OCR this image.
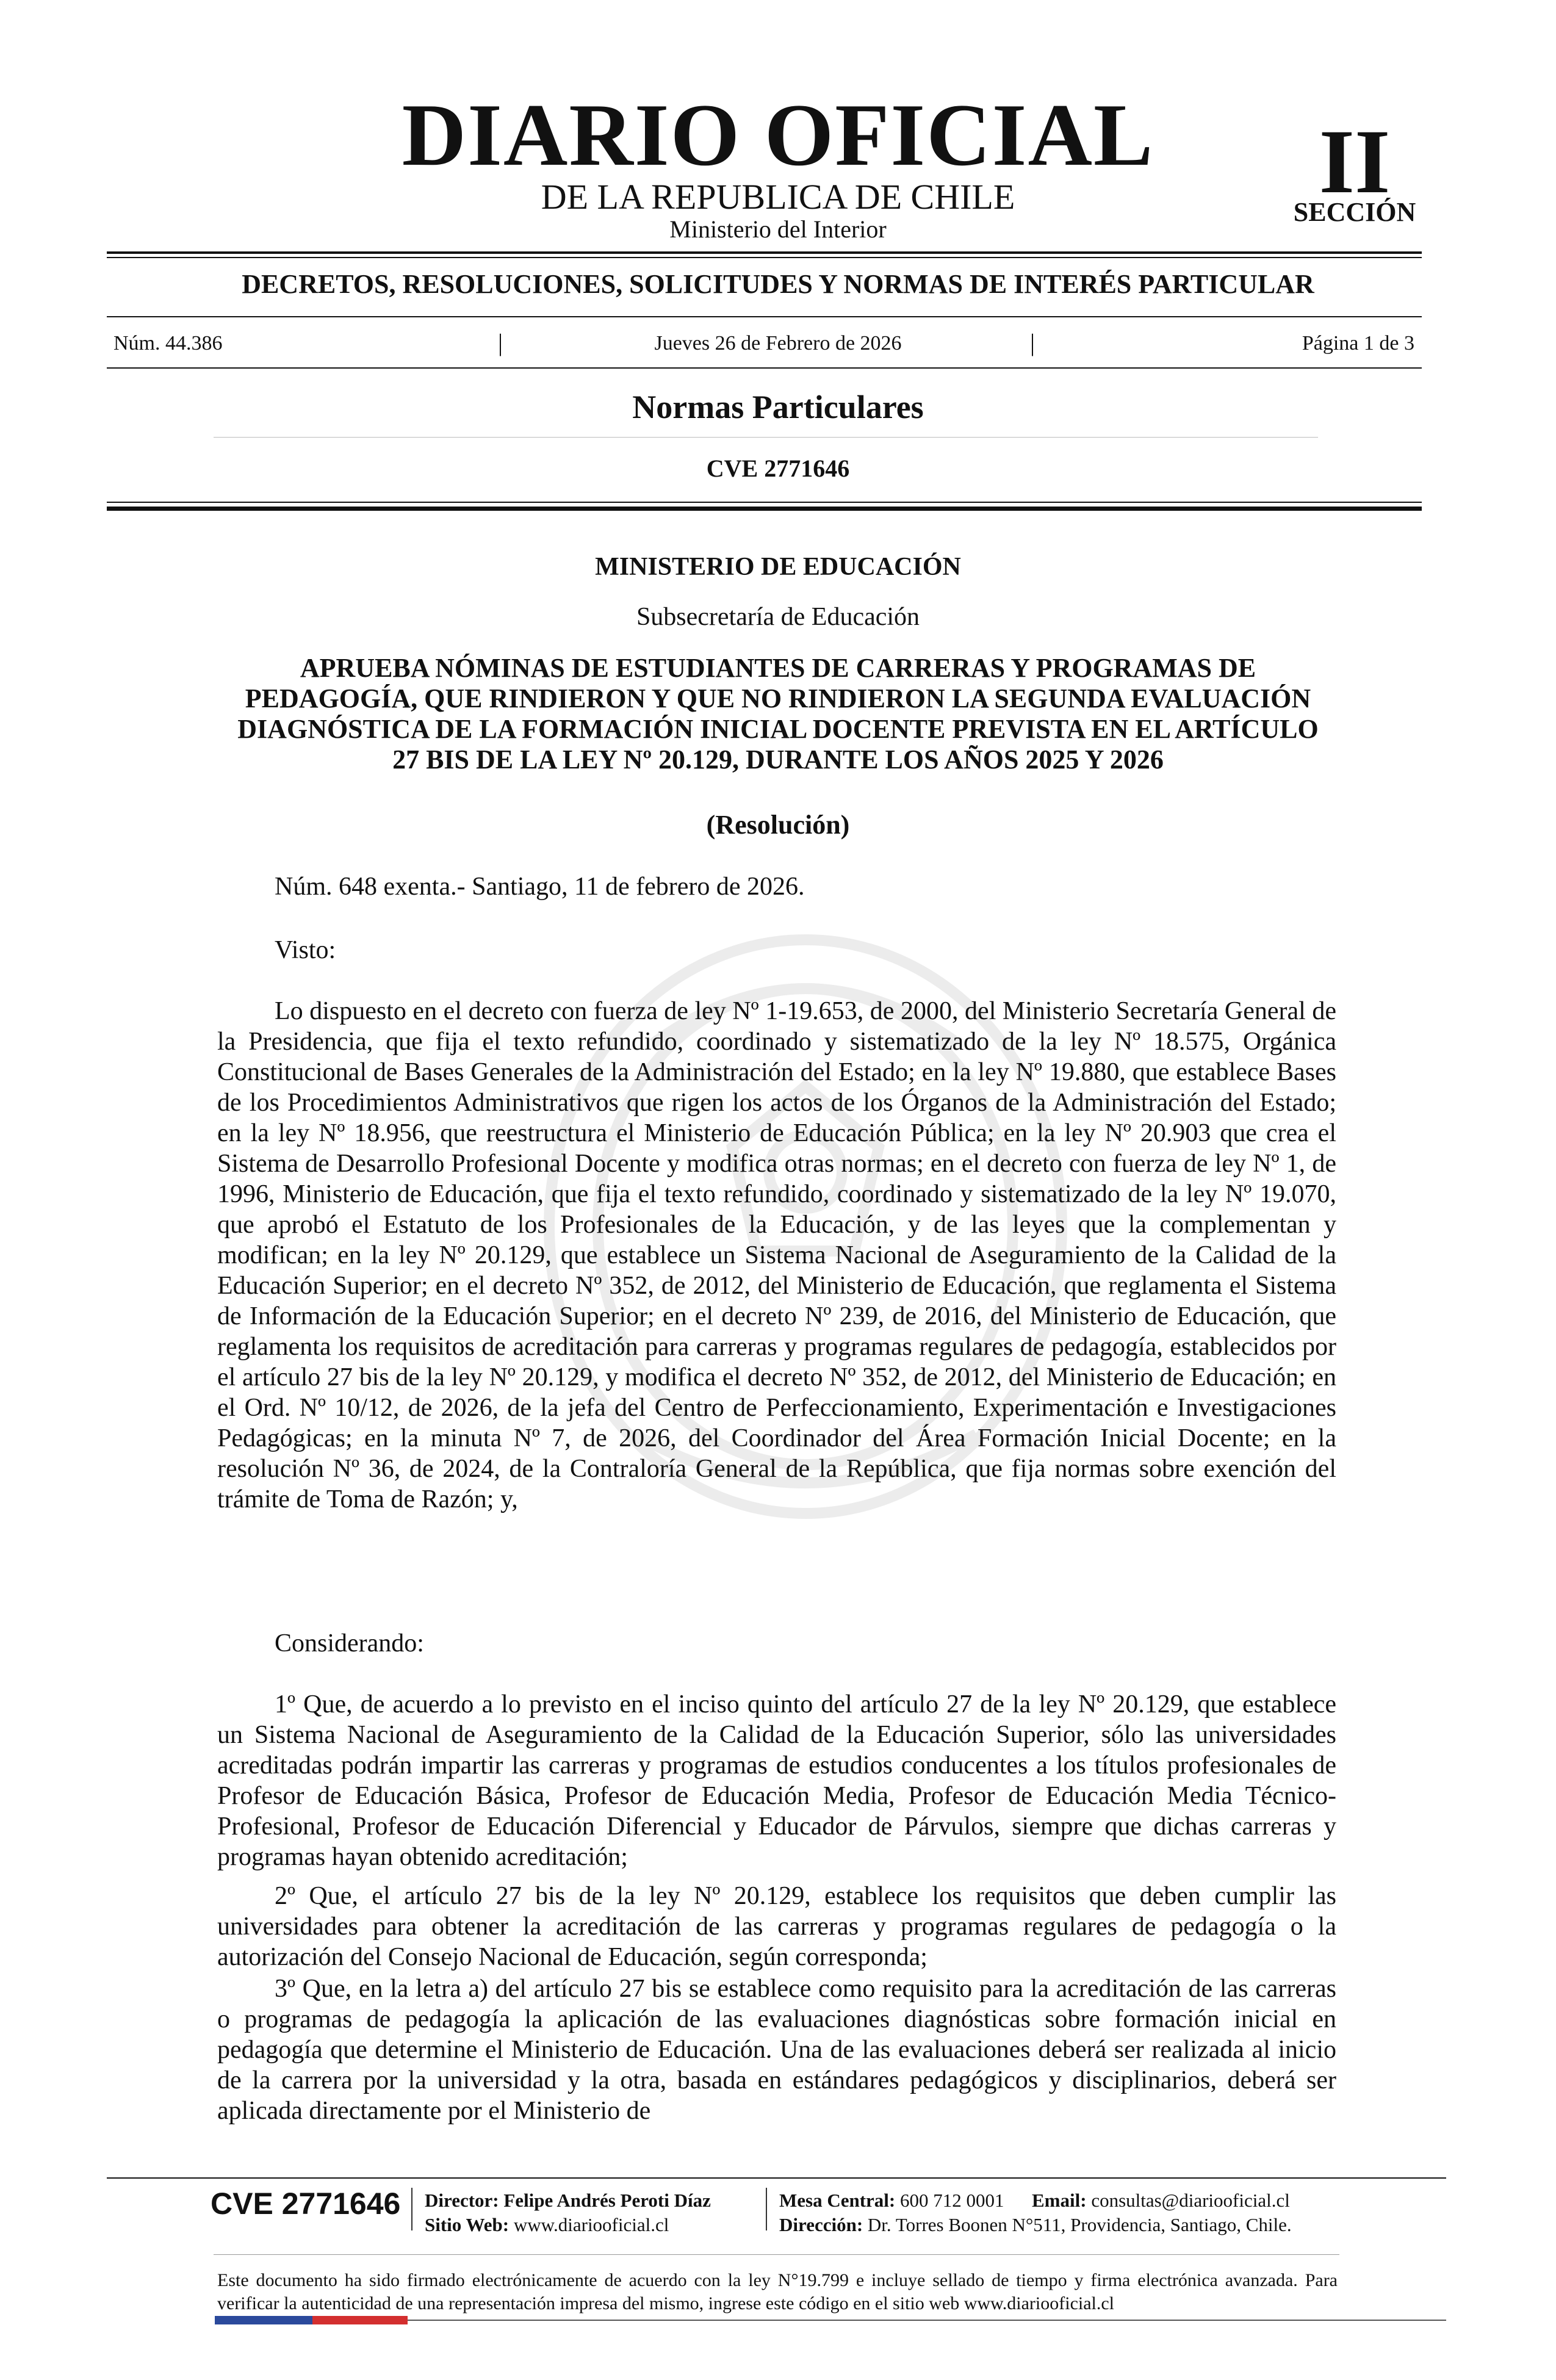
DIARIO OFICIAL
DE LA REPUBLICA DE CHILE
Ministerio del Interior
II
SECCIÓN
DECRETOS, RESOLUCIONES, SOLICITUDES Y NORMAS DE INTERÉS PARTICULAR
Núm. 44.386	|	Jueves 26 de Febrero de 2026	|	Página 1 de 3
Normas Particulares
CVE 2771646
MINISTERIO DE EDUCACIÓN
Subsecretaría de Educación
APRUEBA NÓMINAS DE ESTUDIANTES DE CARRERAS Y PROGRAMAS DE PEDAGOGÍA, QUE RINDIERON Y QUE NO RINDIERON LA SEGUNDA EVALUACIÓN DIAGNÓSTICA DE LA FORMACIÓN INICIAL DOCENTE PREVISTA EN EL ARTÍCULO 27 BIS DE LA LEY Nº 20.129, DURANTE LOS AÑOS 2025 Y 2026
(Resolución)
Núm. 648 exenta.- Santiago, 11 de febrero de 2026.
Visto:
Lo dispuesto en el decreto con fuerza de ley Nº 1-19.653, de 2000, del Ministerio Secretaría General de la Presidencia, que fija el texto refundido, coordinado y sistematizado de la ley Nº 18.575, Orgánica Constitucional de Bases Generales de la Administración del Estado; en la ley Nº 19.880, que establece Bases de los Procedimientos Administrativos que rigen los actos de los Órganos de la Administración del Estado; en la ley Nº 18.956, que reestructura el Ministerio de Educación Pública; en la ley Nº 20.903 que crea el Sistema de Desarrollo Profesional Docente y modifica otras normas; en el decreto con fuerza de ley Nº 1, de 1996, Ministerio de Educación, que fija el texto refundido, coordinado y sistematizado de la ley Nº 19.070, que aprobó el Estatuto de los Profesionales de la Educación, y de las leyes que la complementan y modifican; en la ley Nº 20.129, que establece un Sistema Nacional de Aseguramiento de la Calidad de la Educación Superior; en el decreto Nº 352, de 2012, del Ministerio de Educación, que reglamenta el Sistema de Información de la Educación Superior; en el decreto Nº 239, de 2016, del Ministerio de Educación, que reglamenta los requisitos de acreditación para carreras y programas regulares de pedagogía, establecidos por el artículo 27 bis de la ley Nº 20.129, y modifica el decreto Nº 352, de 2012, del Ministerio de Educación; en el Ord. Nº 10/12, de 2026, de la jefa del Centro de Perfeccionamiento, Experimentación e Investigaciones Pedagógicas; en la minuta Nº 7, de 2026, del Coordinador del Área Formación Inicial Docente; en la resolución Nº 36, de 2024, de la Contraloría General de la República, que fija normas sobre exención del trámite de Toma de Razón; y,
Considerando:
1º Que, de acuerdo a lo previsto en el inciso quinto del artículo 27 de la ley Nº 20.129, que establece un Sistema Nacional de Aseguramiento de la Calidad de la Educación Superior, sólo las universidades acreditadas podrán impartir las carreras y programas de estudios conducentes a los títulos profesionales de Profesor de Educación Básica, Profesor de Educación Media, Profesor de Educación Media Técnico-Profesional, Profesor de Educación Diferencial y Educador de Párvulos, siempre que dichas carreras y programas hayan obtenido acreditación;
2º Que, el artículo 27 bis de la ley Nº 20.129, establece los requisitos que deben cumplir las universidades para obtener la acreditación de las carreras y programas regulares de pedagogía o la autorización del Consejo Nacional de Educación, según corresponda;
3º Que, en la letra a) del artículo 27 bis se establece como requisito para la acreditación de las carreras o programas de pedagogía la aplicación de las evaluaciones diagnósticas sobre formación inicial en pedagogía que determine el Ministerio de Educación. Una de las evaluaciones deberá ser realizada al inicio de la carrera por la universidad y la otra, basada en estándares pedagógicos y disciplinarios, deberá ser aplicada directamente por el Ministerio de
CVE 2771646 Director: Felipe Andrés Peroti Díaz
Sitio Web: www.diariooficial.cl
Mesa Central: 600 712 0001 Email: consultas@diariooficial.cl
Dirección: Dr. Torres Boonen N°511, Providencia, Santiago, Chile.
Este documento ha sido firmado electrónicamente de acuerdo con la ley N°19.799 e incluye sellado de tiempo y firma electrónica avanzada. Para verificar la autenticidad de una representación impresa del mismo, ingrese este código en el sitio web www.diariooficial.cl
